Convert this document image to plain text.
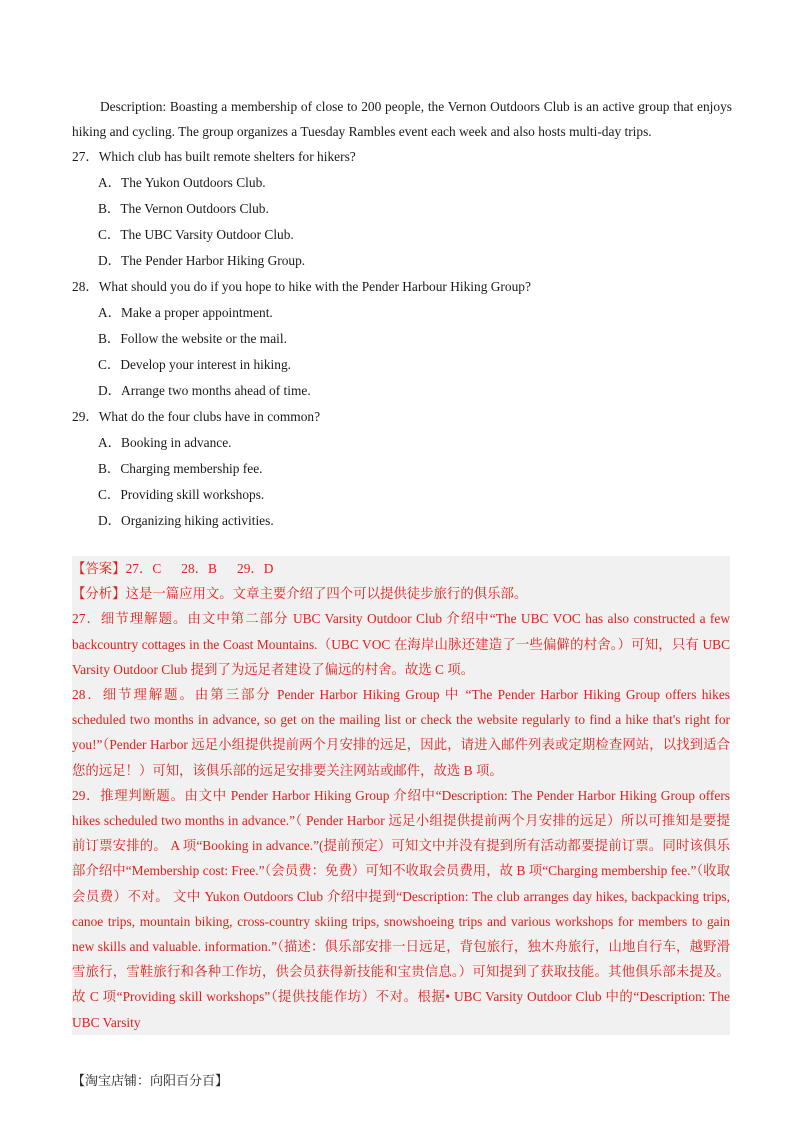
Description: Boasting a membership of close to 200 people, the Vernon Outdoors Club is an active group that enjoys hiking and cycling. The group organizes a Tuesday Rambles event each week and also hosts multi-day trips.

27．Which club has built remote shelters for hikers?

A．The Yukon Outdoors Club.

B．The Vernon Outdoors Club.

C．The UBC Varsity Outdoor Club.

D．The Pender Harbor Hiking Group.

28．What should you do if you hope to hike with the Pender Harbour Hiking Group?

A．Make a proper appointment.

B．Follow the website or the mail.

C．Develop your interest in hiking.

D．Arrange two months ahead of time.

29．What do the four clubs have in common?

A．Booking in advance.

B．Charging membership fee.

C．Providing skill workshops.

D．Organizing hiking activities.

【答案】27．C 28．B 29．D

【分析】这是一篇应用文。文章主要介绍了四个可以提供徒步旅行的俱乐部。

27．细节理解题。由文中第二部分 UBC Varsity Outdoor Club 介绍中“The UBC VOC has also constructed a few backcountry cottages in the Coast Mountains.（UBC VOC 在海岸山脉还建造了一些偏僻的村舍。）可知，只有 UBC Varsity Outdoor Club 提到了为远足者建设了偏远的村舍。故选 C 项。

28．细节理解题。由第三部分 Pender Harbor Hiking Group 中 “The Pender Harbor Hiking Group offers hikes scheduled two months in advance, so get on the mailing list or check the website regularly to find a hike that's right for you!”（Pender Harbor 远足小组提供提前两个月安排的远足，因此，请进入邮件列表或定期检查网站，以找到适合您的远足！）可知，该俱乐部的远足安排要关注网站或邮件，故选 B 项。

29．推理判断题。由文中 Pender Harbor Hiking Group 介绍中“Description: The Pender Harbor Hiking Group offers hikes scheduled two months in advance.”（ Pender Harbor 远足小组提供提前两个月安排的远足）所以可推知是要提前订票安排的。 A 项“Booking in advance.”(提前预定）可知文中并没有提到所有活动都要提前订票。同时该俱乐部介绍中“Membership cost: Free.”（会员费：免费）可知不收取会员费用，故 B 项“Charging membership fee.”（收取会员费）不对。 文中 Yukon Outdoors Club 介绍中提到“Description: The club arranges day hikes, backpacking trips, canoe trips, mountain biking, cross-country skiing trips, snowshoeing trips and various workshops for members to gain new skills and valuable. information.”（描述：俱乐部安排一日远足，背包旅行，独木舟旅行，山地自行车，越野滑雪旅行，雪鞋旅行和各种工作坊，供会员获得新技能和宝贵信息。）可知提到了获取技能。其他俱乐部未提及。故 C 项“Providing skill workshops”（提供技能作坊）不对。根据• UBC Varsity Outdoor Club 中的“Description: The UBC Varsity

【淘宝店铺：向阳百分百】
